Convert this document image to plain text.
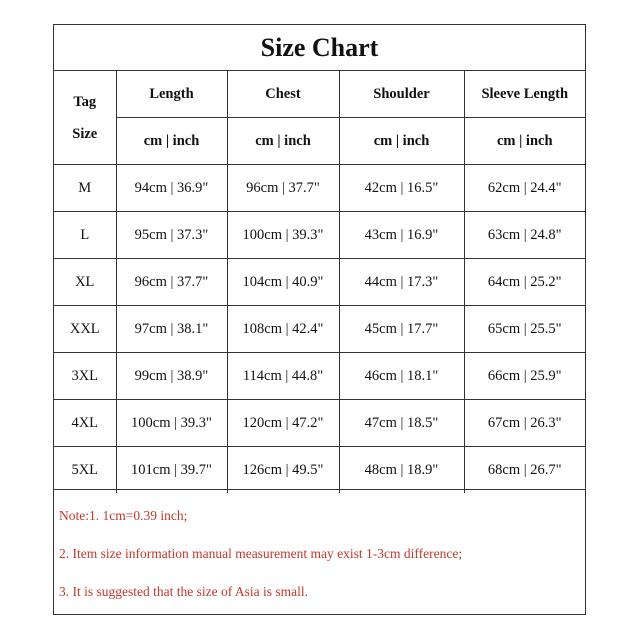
Size Chart
Tag
Size	Length	Chest	Shoulder	Sleeve Length
	cm | inch	cm | inch	cm | inch	cm | inch
M	94cm | 36.9"	96cm | 37.7"	42cm | 16.5"	62cm | 24.4"
L	95cm | 37.3"	100cm | 39.3"	43cm | 16.9"	63cm | 24.8"
XL	96cm | 37.7"	104cm | 40.9"	44cm | 17.3"	64cm | 25.2"
XXL	97cm | 38.1"	108cm | 42.4"	45cm | 17.7"	65cm | 25.5"
3XL	99cm | 38.9"	114cm | 44.8"	46cm | 18.1"	66cm | 25.9"
4XL	100cm | 39.3"	120cm | 47.2"	47cm | 18.5"	67cm | 26.3"
5XL	101cm | 39.7"	126cm | 49.5"	48cm | 18.9"	68cm | 26.7"
Note:1. 1cm=0.39 inch;
2. Item size information manual measurement may exist 1-3cm difference;
3. It is suggested that the size of Asia is small.
